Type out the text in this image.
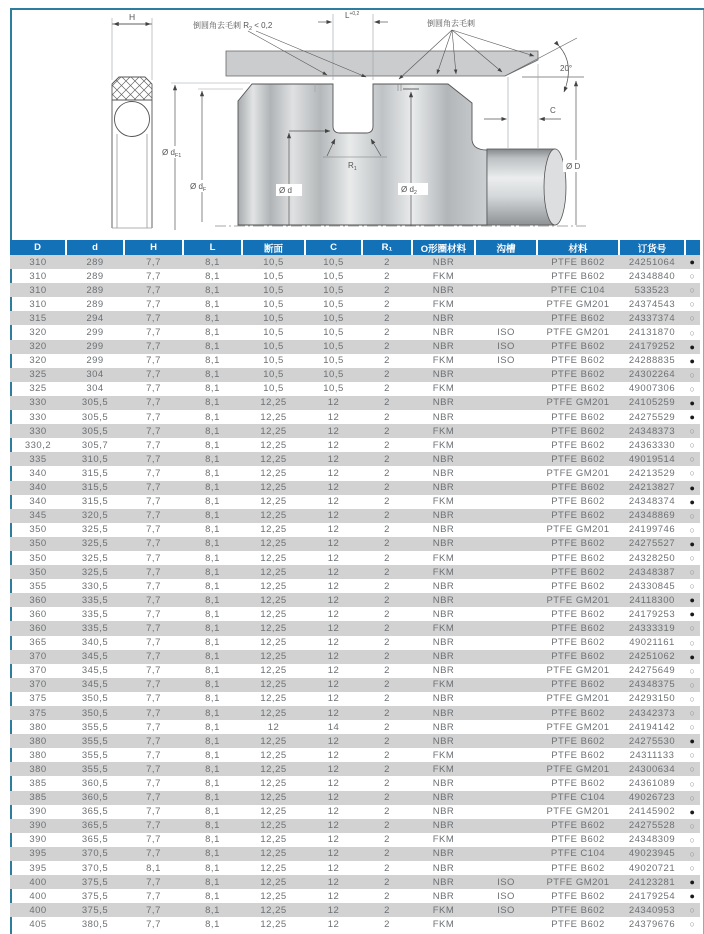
H
20°
Ø $d_{F1}$
Ø $d_F$	Ø d	Ø $d_2$
Ø D
$L^{+0,2}$
C
$R_1$
倒圆角去毛刺 $R_2 < 0,2$	倒圆角去毛刺
D	d	H	L	断面	C	R₁	O形圈材料	沟槽	材料	订货号	
310	289	7,7	8,1	10,5	10,5	2	NBR		PTFE B602	24251064	●
310	289	7,7	8,1	10,5	10,5	2	FKM		PTFE B602	24348840	○
310	289	7,7	8,1	10,5	10,5	2	NBR		PTFE C104	533523	○
310	289	7,7	8,1	10,5	10,5	2	FKM		PTFE GM201	24374543	○
315	294	7,7	8,1	10,5	10,5	2	NBR		PTFE B602	24337374	○
320	299	7,7	8,1	10,5	10,5	2	NBR	ISO	PTFE GM201	24131870	○
320	299	7,7	8,1	10,5	10,5	2	NBR	ISO	PTFE B602	24179252	●
320	299	7,7	8,1	10,5	10,5	2	FKM	ISO	PTFE B602	24288835	●
325	304	7,7	8,1	10,5	10,5	2	NBR		PTFE B602	24302264	○
325	304	7,7	8,1	10,5	10,5	2	FKM		PTFE B602	49007306	○
330	305,5	7,7	8,1	12,25	12	2	NBR		PTFE GM201	24105259	●
330	305,5	7,7	8,1	12,25	12	2	NBR		PTFE B602	24275529	●
330	305,5	7,7	8,1	12,25	12	2	FKM		PTFE B602	24348373	○
330,2	305,7	7,7	8,1	12,25	12	2	FKM		PTFE B602	24363330	○
335	310,5	7,7	8,1	12,25	12	2	NBR		PTFE B602	49019514	○
340	315,5	7,7	8,1	12,25	12	2	NBR		PTFE GM201	24213529	○
340	315,5	7,7	8,1	12,25	12	2	NBR		PTFE B602	24213827	●
340	315,5	7,7	8,1	12,25	12	2	FKM		PTFE B602	24348374	●
345	320,5	7,7	8,1	12,25	12	2	NBR		PTFE B602	24348869	○
350	325,5	7,7	8,1	12,25	12	2	NBR		PTFE GM201	24199746	○
350	325,5	7,7	8,1	12,25	12	2	NBR		PTFE B602	24275527	●
350	325,5	7,7	8,1	12,25	12	2	FKM		PTFE B602	24328250	○
350	325,5	7,7	8,1	12,25	12	2	FKM		PTFE B602	24348387	○
355	330,5	7,7	8,1	12,25	12	2	NBR		PTFE B602	24330845	○
360	335,5	7,7	8,1	12,25	12	2	NBR		PTFE GM201	24118300	●
360	335,5	7,7	8,1	12,25	12	2	NBR		PTFE B602	24179253	●
360	335,5	7,7	8,1	12,25	12	2	FKM		PTFE B602	24333319	○
365	340,5	7,7	8,1	12,25	12	2	NBR		PTFE B602	49021161	○
370	345,5	7,7	8,1	12,25	12	2	NBR		PTFE B602	24251062	●
370	345,5	7,7	8,1	12,25	12	2	NBR		PTFE GM201	24275649	○
370	345,5	7,7	8,1	12,25	12	2	FKM		PTFE B602	24348375	○
375	350,5	7,7	8,1	12,25	12	2	NBR		PTFE GM201	24293150	○
375	350,5	7,7	8,1	12,25	12	2	NBR		PTFE B602	24342373	○
380	355,5	7,7	8,1	12	14	2	NBR		PTFE GM201	24194142	○
380	355,5	7,7	8,1	12,25	12	2	NBR		PTFE B602	24275530	●
380	355,5	7,7	8,1	12,25	12	2	FKM		PTFE B602	24311133	○
380	355,5	7,7	8,1	12,25	12	2	FKM		PTFE GM201	24300634	○
385	360,5	7,7	8,1	12,25	12	2	NBR		PTFE B602	24361089	○
385	360,5	7,7	8,1	12,25	12	2	NBR		PTFE C104	49026723	○
390	365,5	7,7	8,1	12,25	12	2	NBR		PTFE GM201	24145902	●
390	365,5	7,7	8,1	12,25	12	2	NBR		PTFE B602	24275528	○
390	365,5	7,7	8,1	12,25	12	2	FKM		PTFE B602	24348309	○
395	370,5	7,7	8,1	12,25	12	2	NBR		PTFE C104	49023945	○
395	370,5	8,1	8,1	12,25	12	2	NBR		PTFE B602	49020721	○
400	375,5	7,7	8,1	12,25	12	2	NBR	ISO	PTFE GM201	24123281	●
400	375,5	7,7	8,1	12,25	12	2	NBR	ISO	PTFE B602	24179254	●
400	375,5	7,7	8,1	12,25	12	2	FKM	ISO	PTFE B602	24340953	○
405	380,5	7,7	8,1	12,25	12	2	FKM		PTFE B602	24379676	○
